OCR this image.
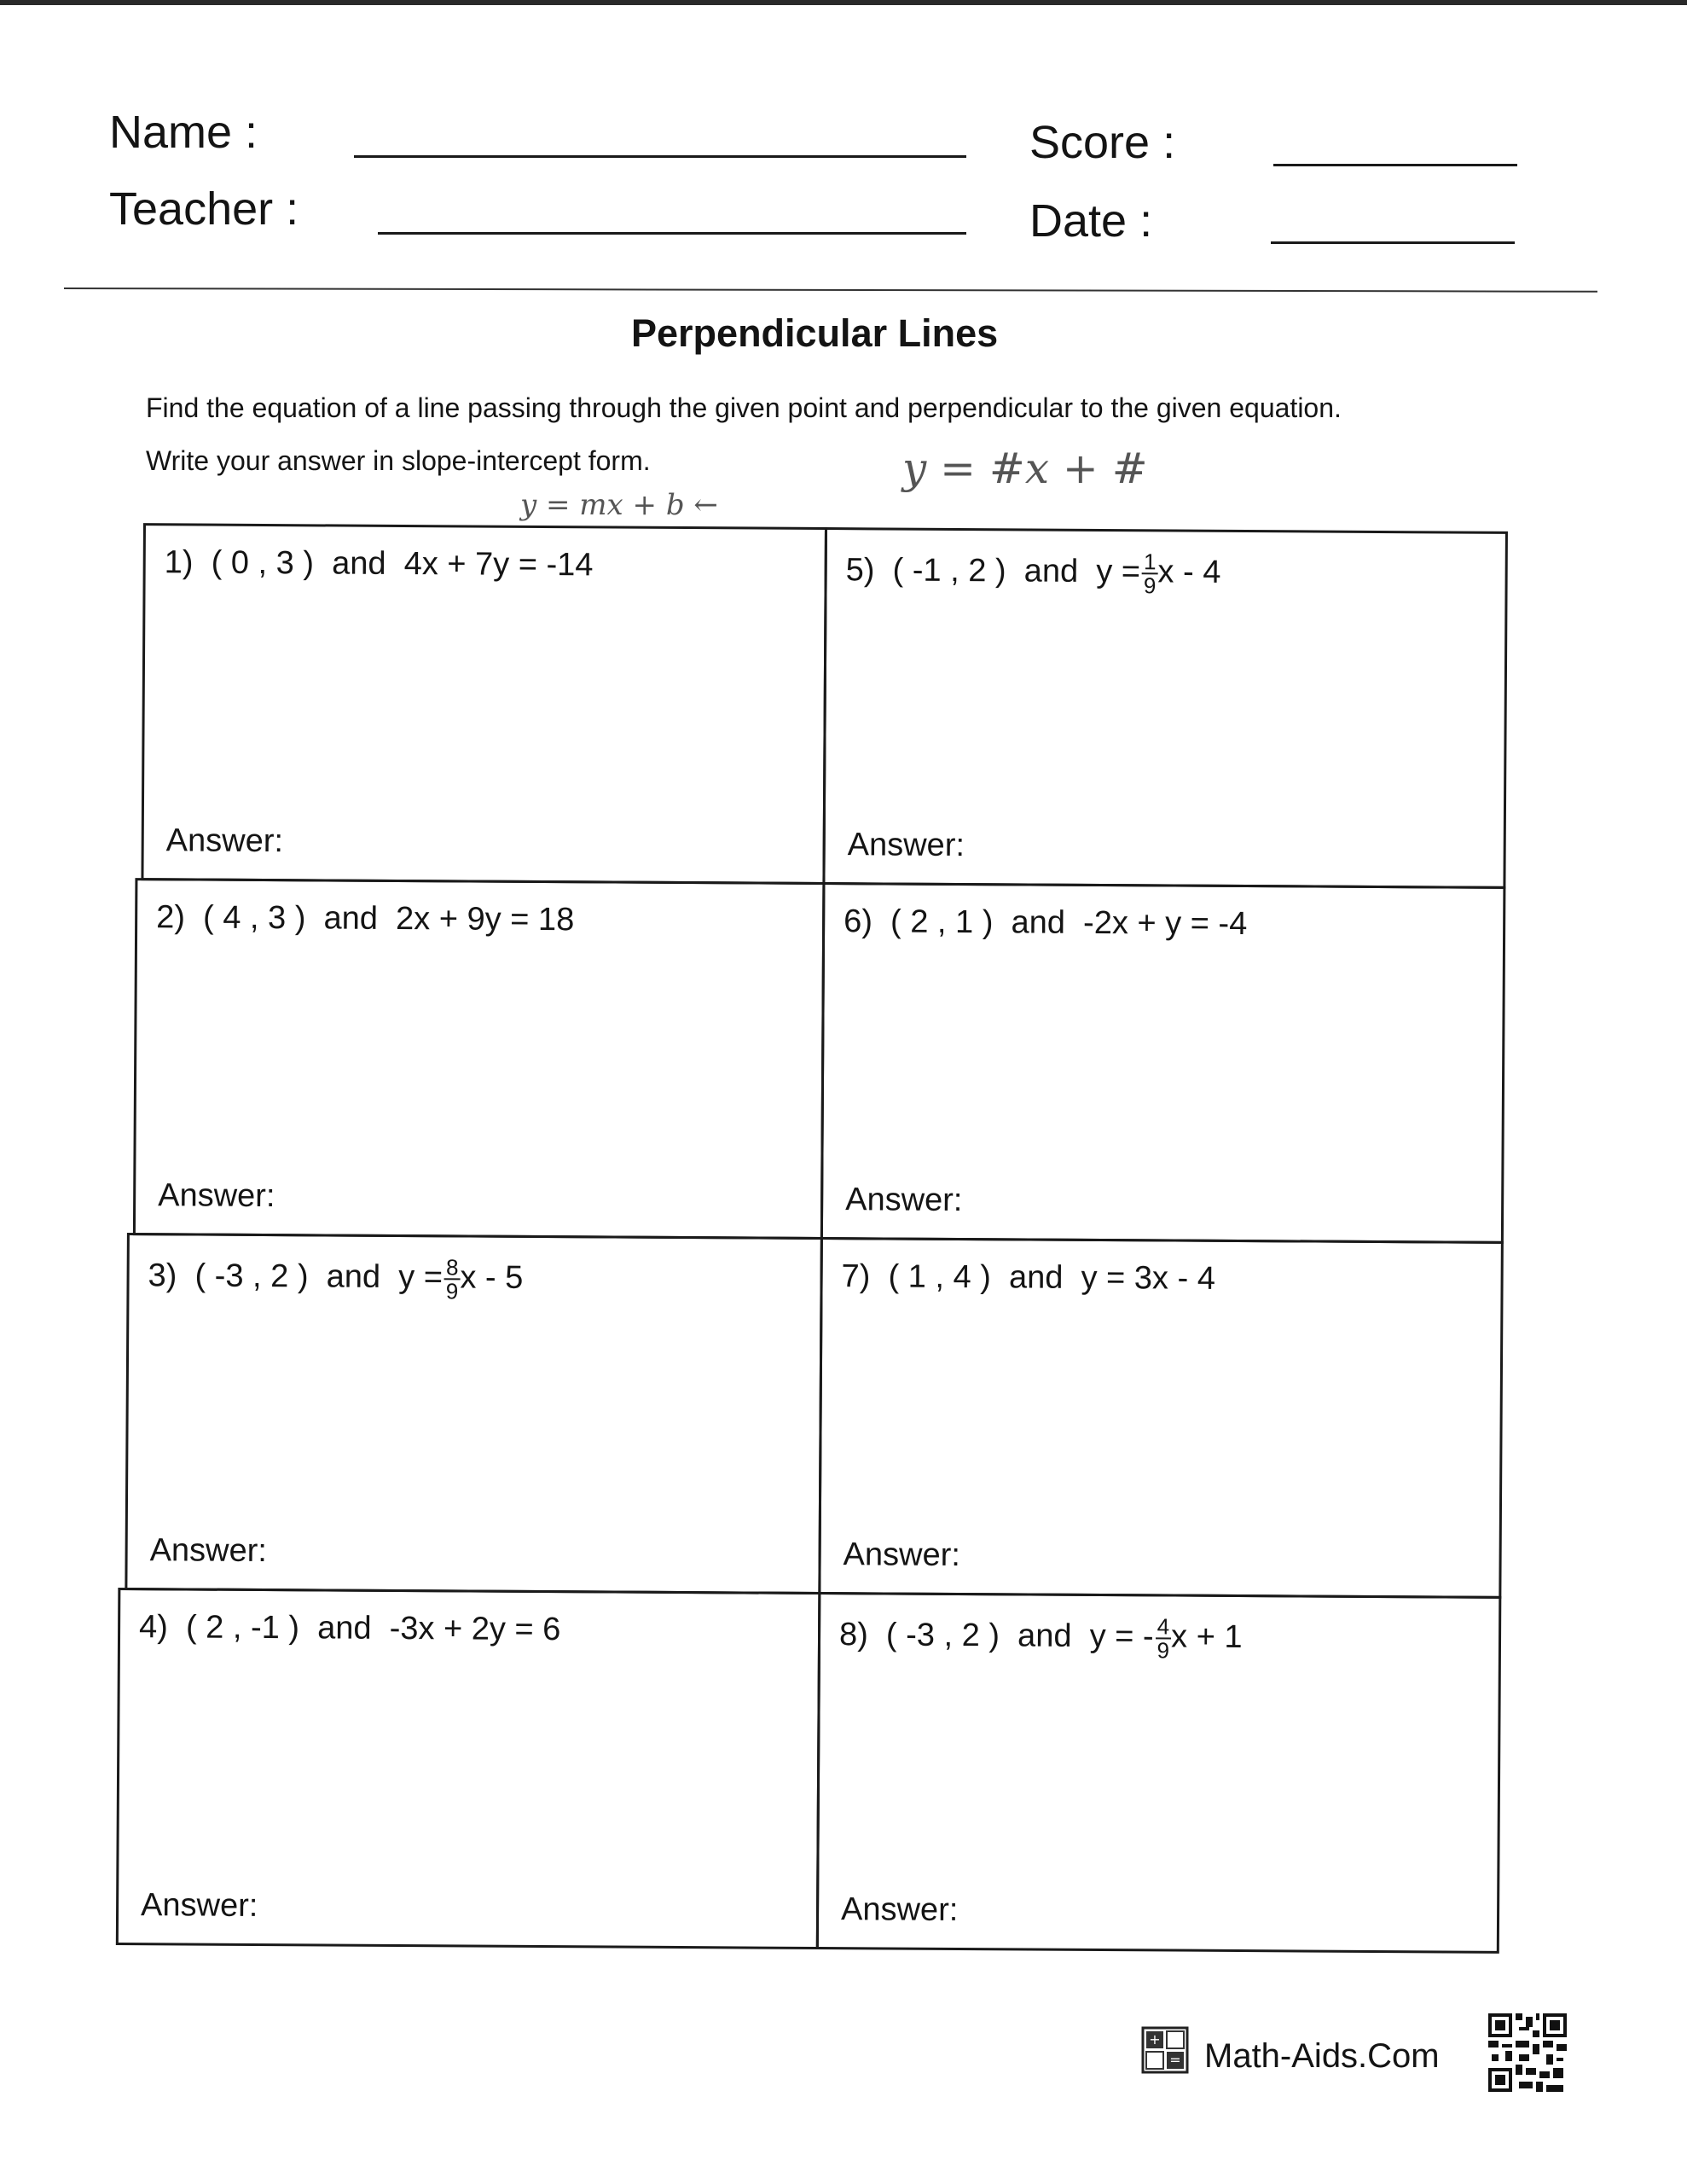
Name :
Teacher :
Score :
Date :
Perpendicular Lines
Find the equation of a line passing through the given point and perpendicular to the given equation.
Write your answer in slope-intercept form.	y = #x + #
y = mx + b ←
1) ( 0 , 3 ) and 4x + 7y = -14
Answer:
2) ( 4 , 3 ) and 2x + 9y = 18
Answer:
3) ( -3 , 2 ) and $y = \frac{8}{9}$ x - 5
Answer:
4) ( 2 , -1 ) and -3x + 2y = 6
Answer:
5) ( -1 , 2 ) and $y = \frac{1}{9}$ x - 4
Answer:
6) ( 2 , 1 ) and -2x + y = -4
Answer:
7) ( 1 , 4 ) and y = 3x - 4
Answer:
8) ( -3 , 2 ) and y = - $\frac{4}{9}$ x + 1
Answer:
+
= Math-Aids.Com
